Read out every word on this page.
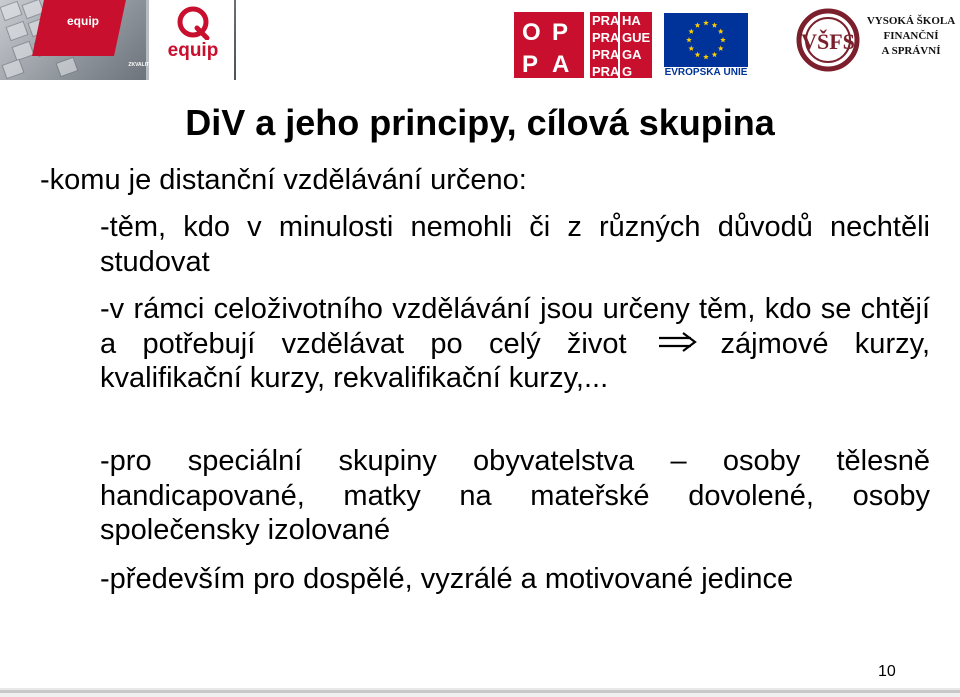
equip
equip
ZKVALITNĚNÍ VÝUKY V KOMBINOVANÉM STUDIU PROJEKT VŠFS
O P
P A
PRA HA
PRA GUE
PRA GA
PRA G	EVROPSKÁ UNIE
VŠFS
VYSOKÁ ŠKOLA
FINANČNÍ
A SPRÁVNÍ
DiV a jeho principy, cílová skupina
-komu je distanční vzdělávání určeno:
-těm, kdo v minulosti nemohli či z různých důvodů nechtěli studovat
-v rámci celoživotního vzdělávání jsou určeny těm, kdo se chtějí a potřebují vzdělávat po celý život	zájmové kurzy, kvalifikační kurzy, rekvalifikační kurzy,...
-pro speciální skupiny obyvatelstva – osoby tělesně handicapované, matky na mateřské dovolené, osoby společensky izolované
-především pro dospělé, vyzrálé a motivované jedince
10
